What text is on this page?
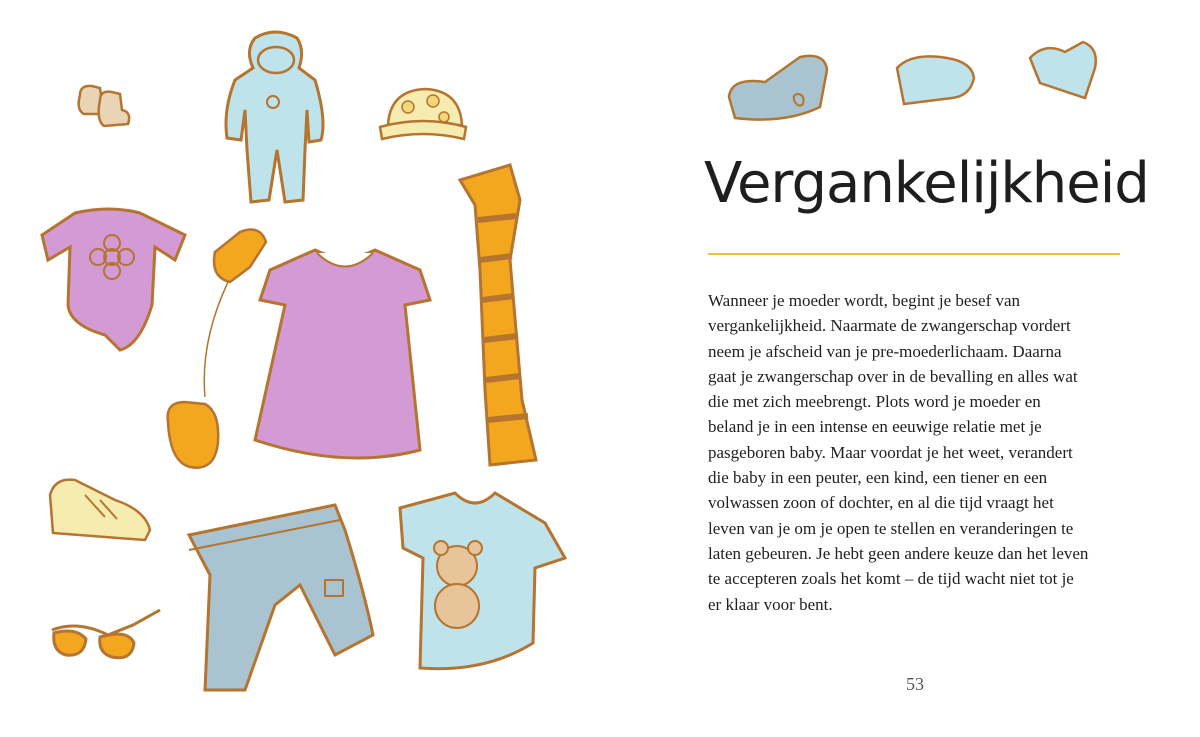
Vergankelijkheid

Wanneer je moeder wordt, begint je besef van
vergankelijkheid. Naarmate de zwangerschap vordert
neem je afscheid van je pre-moederlichaam. Daarna
gaat je zwangerschap over in de bevalling en alles wat
die met zich meebrengt. Plots word je moeder en
beland je in een intense en eeuwige relatie met je
pasgeboren baby. Maar voordat je het weet, verandert
die baby in een peuter, een kind, een tiener en een
volwassen zoon of dochter, en al die tijd vraagt het
leven van je om je open te stellen en veranderingen te
laten gebeuren. Je hebt geen andere keuze dan het leven
te accepteren zoals het komt – de tijd wacht niet tot je
er klaar voor bent.

53
